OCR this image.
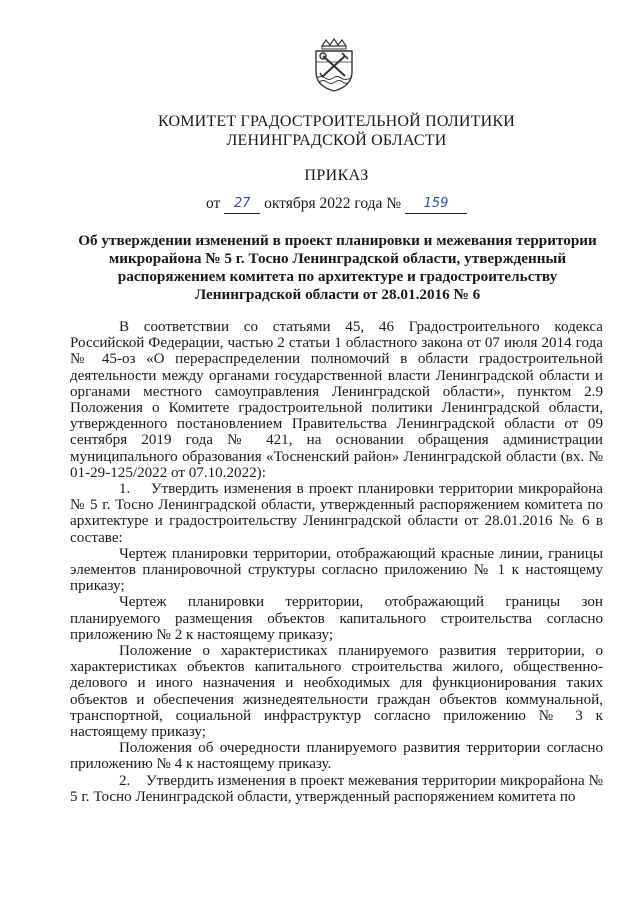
КОМИТЕТ ГРАДОСТРОИТЕЛЬНОЙ ПОЛИТИКИ
ЛЕНИНГРАДСКОЙ ОБЛАСТИ
ПРИКАЗ
от 27 октября 2022 года № 159
Об утверждении изменений в проект планировки и межевания территории микрорайона № 5 г. Тосно Ленинградской области, утвержденный распоряжением комитета по архитектуре и градостроительству Ленинградской области от 28.01.2016 № 6

В соответствии со статьями 45, 46 Градостроительного кодекса Российской Федерации, частью 2 статьи 1 областного закона от 07 июля 2014 года № 45-оз «О перераспределении полномочий в области градостроительной деятельности между органами государственной власти Ленинградской области и органами местного самоуправления Ленинградской области», пунктом 2.9 Положения о Комитете градостроительной политики Ленинградской области, утвержденного постановлением Правительства Ленинградской области от 09 сентября 2019 года № 421, на основании обращения администрации муниципального образования «Тосненский район» Ленинградской области (вх. № 01-29-125/2022 от 07.10.2022):

1.    Утвердить изменения в проект планировки территории микрорайона № 5 г. Тосно Ленинградской области, утвержденный распоряжением комитета по архитектуре и градостроительству Ленинградской области от 28.01.2016 № 6 в составе:

Чертеж планировки территории, отображающий красные линии, границы элементов планировочной структуры согласно приложению № 1 к настоящему приказу;

Чертеж планировки территории, отображающий границы зон планируемого размещения объектов капитального строительства согласно приложению № 2 к настоящему приказу;

Положение о характеристиках планируемого развития территории, о характеристиках объектов капитального строительства жилого, общественно-делового и иного назначения и необходимых для функционирования таких объектов и обеспечения жизнедеятельности граждан объектов коммунальной, транспортной, социальной инфраструктур согласно приложению № 3 к настоящему приказу;

Положения об очередности планируемого развития территории согласно приложению № 4 к настоящему приказу.

2.    Утвердить изменения в проект межевания территории микрорайона № 5 г. Тосно Ленинградской области, утвержденный распоряжением комитета по
